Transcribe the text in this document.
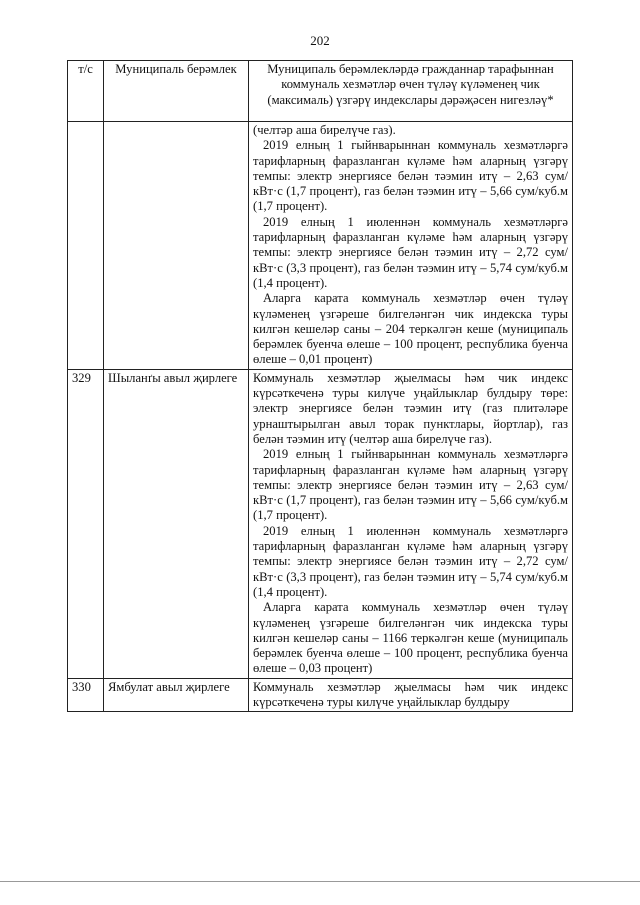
202
т/с	Муниципаль берәмлек	Муниципаль берәмлекләрдә гражданнар тарафыннан коммуналь хезмәтләр өчен түләү күләменең чик (максималь) үзгәрү индекслары дәрәҗәсен нигезләү*

		(челтәр аша бирелүче газ).

2019 елның 1 гыйнварыннан коммуналь хезмәтләргә тарифларның фаразланган күләме һәм аларның үзгәрү темпы: электр энергиясе белән тәэмин итү – 2,63 сум/кВт·с (1,7 процент), газ белән тәэмин итү – 5,66 сум/куб.м (1,7 процент).

2019 елның 1 июленнән коммуналь хезмәтләргә тарифларның фаразланган күләме һәм аларның үзгәрү темпы: электр энергиясе белән тәэмин итү – 2,72 сум/кВт·с (3,3 процент), газ белән тәэмин итү – 5,74 сум/куб.м (1,4 процент).

Аларга карата коммуналь хезмәтләр өчен түләү күләменең үзгәреше билгеләнгән чик индекска туры килгән кешеләр саны – 204 теркәлгән кеше (муниципаль берәмлек буенча өлеше – 100 процент, республика буенча өлеше – 0,01 процент)

329	Шыланґы авыл җирлеге	Коммуналь хезмәтләр җыелмасы һәм чик индекс күрсәткеченә туры килүче уңайлыклар булдыру төре: электр энергиясе белән тәэмин итү (газ плитәләре урнаштырылган авыл торак пунктлары, йортлар), газ белән тәэмин итү (челтәр аша бирелүче газ).

2019 елның 1 гыйнварыннан коммуналь хезмәтләргә тарифларның фаразланган күләме һәм аларның үзгәрү темпы: электр энергиясе белән тәэмин итү – 2,63 сум/кВт·с (1,7 процент), газ белән тәэмин итү – 5,66 сум/куб.м (1,7 процент).

2019 елның 1 июленнән коммуналь хезмәтләргә тарифларның фаразланган күләме һәм аларның үзгәрү темпы: электр энергиясе белән тәэмин итү – 2,72 сум/кВт·с (3,3 процент), газ белән тәэмин итү – 5,74 сум/куб.м (1,4 процент).

Аларга карата коммуналь хезмәтләр өчен түләү күләменең үзгәреше билгеләнгән чик индекска туры килгән кешеләр саны – 1166 теркәлгән кеше (муниципаль берәмлек буенча өлеше – 100 процент, республика буенча өлеше – 0,03 процент)

330	Ямбулат авыл җирлеге	Коммуналь хезмәтләр җыелмасы һәм чик индекс күрсәткеченә туры килүче уңайлыклар булдыру
